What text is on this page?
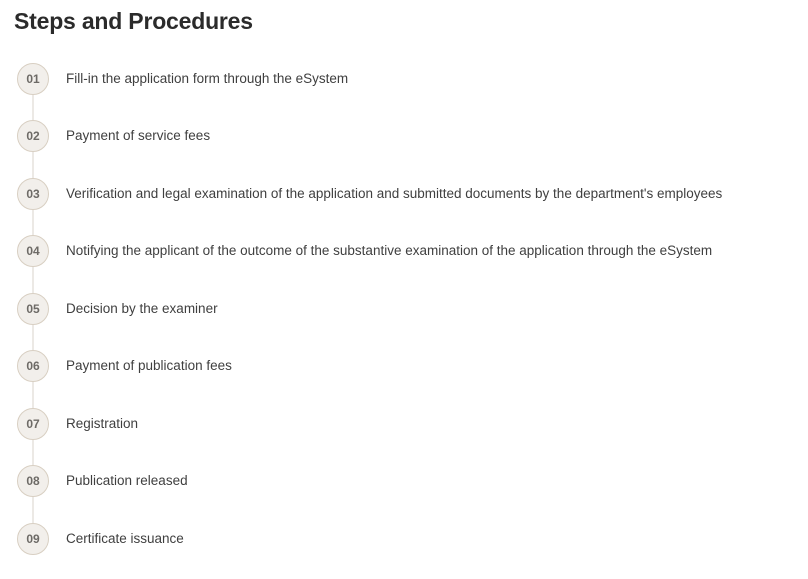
Steps and Procedures
01	Fill-in the application form through the eSystem
02	Payment of service fees
03	Verification and legal examination of the application and submitted documents by the department's employees
04	Notifying the applicant of the outcome of the substantive examination of the application through the eSystem
05	Decision by the examiner
06	Payment of publication fees
07	Registration
08	Publication released
09	Certificate issuance
